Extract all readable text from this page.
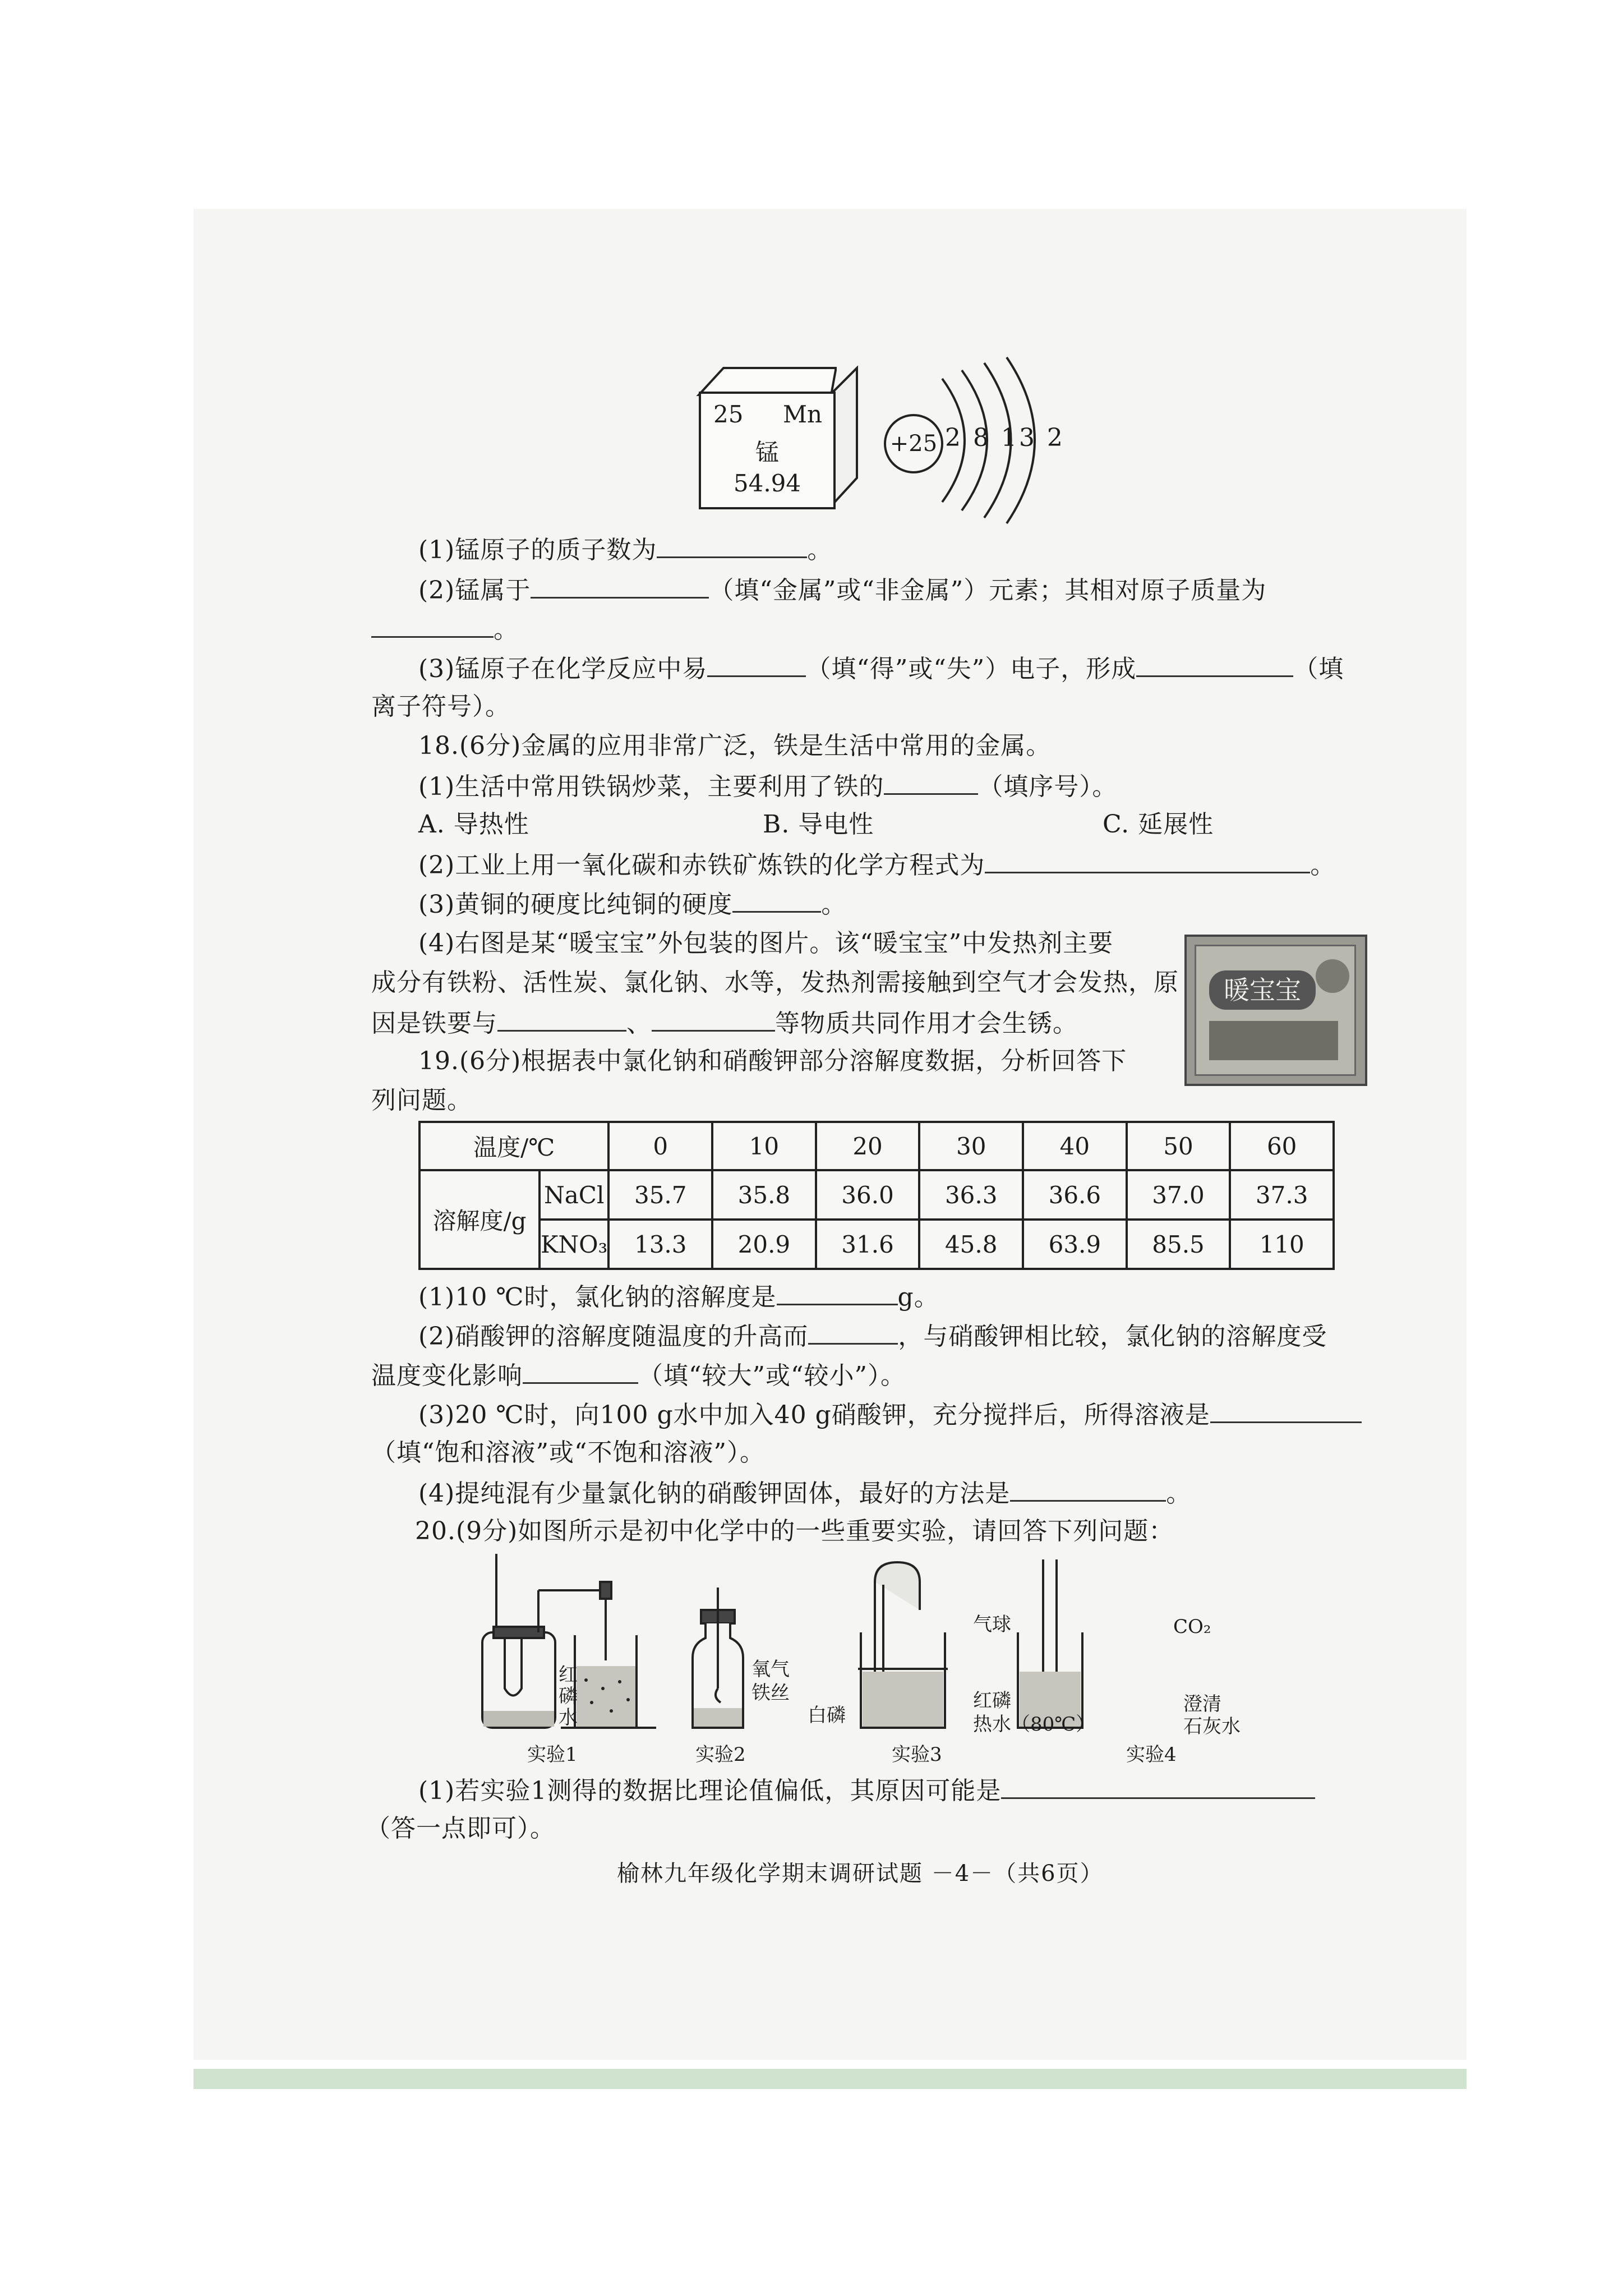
25 Mn
锰
54.94
+25 2 8 13 2
(1)锰原子的质子数为	。
(2)锰属于	（填“金属”或“非金属”）元素；其相对原子质量为
。
(3)锰原子在化学反应中易	（填“得”或“失”）电子，形成	（填
离子符号）。
18.(6分)金属的应用非常广泛，铁是生活中常用的金属。
(1)生活中常用铁锅炒菜，主要利用了铁的	（填序号）。
A. 导热性	B. 导电性	C. 延展性
(2)工业上用一氧化碳和赤铁矿炼铁的化学方程式为	。
(3)黄铜的硬度比纯铜的硬度	。
(4)右图是某“暖宝宝”外包装的图片。该“暖宝宝”中发热剂主要
成分有铁粉、活性炭、氯化钠、水等，发热剂需接触到空气才会发热，原
因是铁要与	、	等物质共同作用才会生锈。
暖宝宝
19.(6分)根据表中氯化钠和硝酸钾部分溶解度数据，分析回答下
列问题。
温度/℃		0	10	20	30	40	50	60
溶解度/g	NaCl	35.7	35.8	36.0	36.3	36.6	37.0	37.3
	KNO₃	13.3	20.9	31.6	45.8	63.9	85.5	110
(1)10 ℃时，氯化钠的溶解度是	g。
(2)硝酸钾的溶解度随温度的升高而	，与硝酸钾相比较，氯化钠的溶解度受
温度变化影响	（填“较大”或“较小”）。
(3)20 ℃时，向100 g水中加入40 g硝酸钾，充分搅拌后，所得溶液是
（填“饱和溶液”或“不饱和溶液”）。
(4)提纯混有少量氯化钠的硝酸钾固体，最好的方法是	。
20.(9分)如图所示是初中化学中的一些重要实验，请回答下列问题：
红
磷
水
实验1
氧气
铁丝
实验2
气球
红磷
热水（80℃）
白磷
实验3
CO₂
澄清
石灰水
实验4
(1)若实验1测得的数据比理论值偏低，其原因可能是
（答一点即可）。
榆林九年级化学期末调研试题 －4－（共6页）
